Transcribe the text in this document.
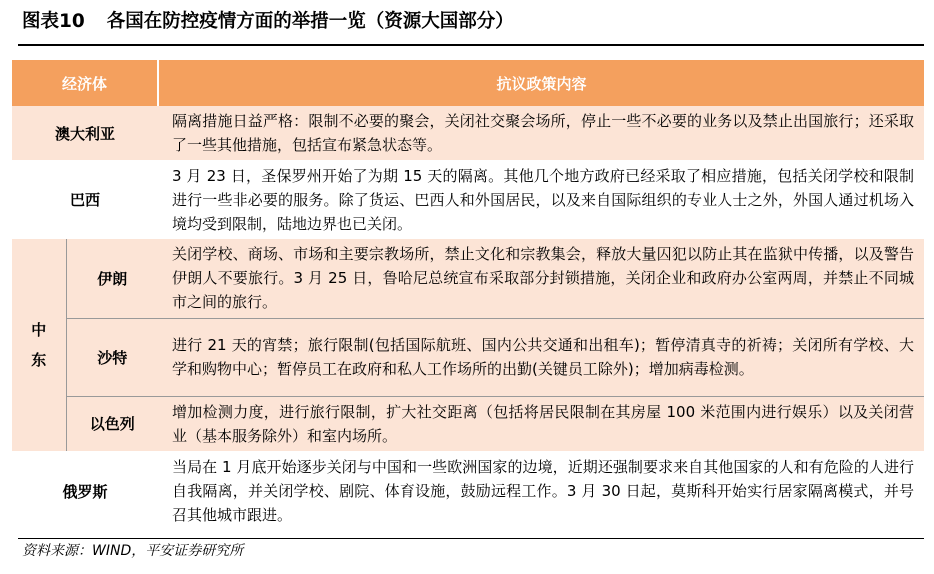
图表10 各国在防控疫情方面的举措一览（资源大国部分）
经济体		抗议政策内容
澳大利亚		隔离措施日益严格：限制不必要的聚会，关闭社交聚会场所，停止一些不必要的业务以及禁止出国旅行；还采取了一些其他措施，包括宣布紧急状态等。
巴西		3 月 23 日，圣保罗州开始了为期 15 天的隔离。其他几个地方政府已经采取了相应措施，包括关闭学校和限制进行一些非必要的服务。除了货运、巴西人和外国居民，以及来自国际组织的专业人士之外，外国人通过机场入境均受到限制，陆地边界也已关闭。

中
东	伊朗	关闭学校、商场、市场和主要宗教场所，禁止文化和宗教集会，释放大量囚犯以防止其在监狱中传播，以及警告伊朗人不要旅行。3 月 25 日，鲁哈尼总统宣布采取部分封锁措施，关闭企业和政府办公室两周，并禁止不同城市之间的旅行。
	沙特	进行 21 天的宵禁；旅行限制(包括国际航班、国内公共交通和出租车)；暂停清真寺的祈祷；关闭所有学校、大学和购物中心；暂停员工在政府和私人工作场所的出勤(关键员工除外)；增加病毒检测。
	以色列	增加检测力度，进行旅行限制，扩大社交距离（包括将居民限制在其房屋 100 米范围内进行娱乐）以及关闭营业（基本服务除外）和室内场所。
俄罗斯		当局在 1 月底开始逐步关闭与中国和一些欧洲国家的边境，近期还强制要求来自其他国家的人和有危险的人进行自我隔离，并关闭学校、剧院、体育设施，鼓励远程工作。3 月 30 日起，莫斯科开始实行居家隔离模式，并号召其他城市跟进。
资料来源：WIND，平安证券研究所
